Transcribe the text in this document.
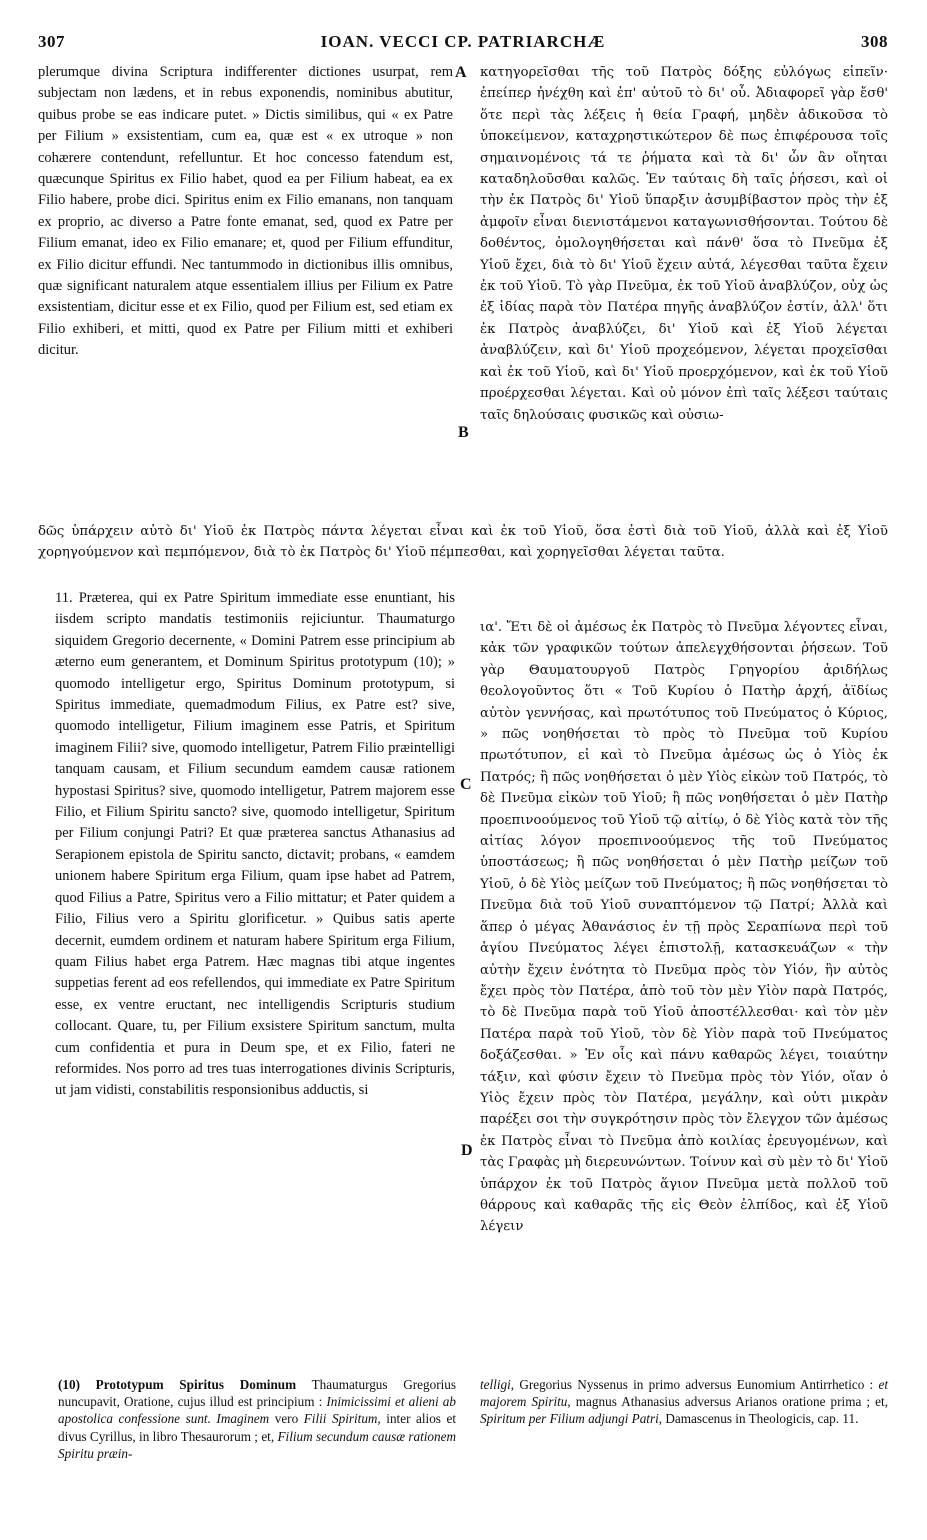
307	IOAN. VECCI CP. PATRIARCHÆ	308
A
B
C
D

plerumque divina Scriptura indifferenter dictiones usurpat, rem subjectam non lædens, et in rebus exponendis, nominibus abutitur, quibus probe se eas indicare putet. » Dictis similibus, qui « ex Patre per Filium » exsistentiam, cum ea, quæ est « ex utroque » non cohærere contendunt, refelluntur. Et hoc concesso fatendum est, quæcunque Spiritus ex Filio habet, quod ea per Filium habeat, ea ex Filio habere, probe dici. Spiritus enim ex Filio emanans, non tanquam ex proprio, ac diverso a Patre fonte emanat, sed, quod ex Patre per Filium emanat, ideo ex Filio emanare; et, quod per Filium effunditur, ex Filio dicitur effundi. Nec tantummodo in dictionibus illis omnibus, quæ significant naturalem atque essentialem illius per Filium ex Patre exsistentiam, dicitur esse et ex Filio, quod per Filium est, sed etiam ex Filio exhiberi, et mitti, quod ex Patre per Filium mitti et exhiberi dicitur.

κατηγορεῖσθαι τῆς τοῦ Πατρὸς δόξης εὐλόγως εἰπεῖν· ἐπείπερ ἠνέχθη καὶ ἐπ' αὐτοῦ τὸ δι' οὗ. Ἀδιαφορεῖ γὰρ ἔσθ' ὅτε περὶ τὰς λέξεις ἡ θεία Γραφή, μηδὲν ἀδικοῦσα τὸ ὑποκείμενον, καταχρηστικώτερον δὲ πως ἐπιφέρουσα τοῖς σημαινομένοις τά τε ῥήματα καὶ τὰ δι' ὧν ἂν οἴηται καταδηλοῦσθαι καλῶς. Ἐν ταύταις δὴ ταῖς ῥήσεσι, καὶ οἱ τὴν ἐκ Πατρὸς δι' Υἱοῦ ὕπαρξιν ἀσυμβίβαστον πρὸς τὴν ἐξ ἀμφοῖν εἶναι διενιστάμενοι καταγωνισθήσονται. Τούτου δὲ δοθέντος, ὁμολογηθήσεται καὶ πάνθ' ὅσα τὸ Πνεῦμα ἐξ Υἱοῦ ἔχει, διὰ τὸ δι' Υἱοῦ ἔχειν αὐτά, λέγεσθαι ταῦτα ἔχειν ἐκ τοῦ Υἱοῦ. Τὸ γὰρ Πνεῦμα, ἐκ τοῦ Υἱοῦ ἀναβλύζον, οὐχ ὡς ἐξ ἰδίας παρὰ τὸν Πατέρα πηγῆς ἀναβλύζον ἐστίν, ἀλλ' ὅτι ἐκ Πατρὸς ἀναβλύζει, δι' Υἱοῦ καὶ ἐξ Υἱοῦ λέγεται ἀναβλύζειν, καὶ δι' Υἱοῦ προχεόμενον, λέγεται προχεῖσθαι καὶ ἐκ τοῦ Υἱοῦ, καὶ δι' Υἱοῦ προερχόμενον, καὶ ἐκ τοῦ Υἱοῦ προέρχεσθαι λέγεται. Καὶ οὐ μόνον ἐπὶ ταῖς λέξεσι ταύταις ταῖς δηλούσαις φυσικῶς καὶ οὐσιω-

δῶς ὑπάρχειν αὐτὸ δι' Υἱοῦ ἐκ Πατρὸς πάντα λέγεται εἶναι καὶ ἐκ τοῦ Υἱοῦ, ὅσα ἐστὶ διὰ τοῦ Υἱοῦ, ἀλλὰ καὶ ἐξ Υἱοῦ χορηγούμενον καὶ πεμπόμενον, διὰ τὸ ἐκ Πατρὸς δι' Υἱοῦ πέμπεσθαι, καὶ χορηγεῖσθαι λέγεται ταῦτα.

11. Præterea, qui ex Patre Spiritum immediate esse enuntiant, his iisdem scripto mandatis testimoniis rejiciuntur. Thaumaturgo siquidem Gregorio decernente, « Domini Patrem esse principium ab æterno eum generantem, et Dominum Spiritus prototypum (10); » quomodo intelligetur ergo, Spiritus Dominum prototypum, si Spiritus immediate, quemadmodum Filius, ex Patre est? sive, quomodo intelligetur, Filium imaginem esse Patris, et Spiritum imaginem Filii? sive, quomodo intelligetur, Patrem Filio præintelligi tanquam causam, et Filium secundum eamdem causæ rationem hypostasi Spiritus? sive, quomodo intelligetur, Patrem majorem esse Filio, et Filium Spiritu sancto? sive, quomodo intelligetur, Spiritum per Filium conjungi Patri? Et quæ præterea sanctus Athanasius ad Serapionem epistola de Spiritu sancto, dictavit; probans, « eamdem unionem habere Spiritum erga Filium, quam ipse habet ad Patrem, quod Filius a Patre, Spiritus vero a Filio mittatur; et Pater quidem a Filio, Filius vero a Spiritu glorificetur. » Quibus satis aperte decernit, eumdem ordinem et naturam habere Spiritum erga Filium, quam Filius habet erga Patrem. Hæc magnas tibi atque ingentes suppetias ferent ad eos refellendos, qui immediate ex Patre Spiritum esse, ex ventre eructant, nec intelligendis Scripturis studium collocant. Quare, tu, per Filium exsistere Spiritum sanctum, multa cum confidentia et pura in Deum spe, et ex Filio, fateri ne reformides. Nos porro ad tres tuas interrogationes divinis Scripturis, ut jam vidisti, constabilitis responsionibus adductis, si

ια'. Ἔτι δὲ οἱ ἀμέσως ἐκ Πατρὸς τὸ Πνεῦμα λέγοντες εἶναι, κἀκ τῶν γραφικῶν τούτων ἀπελεγχθήσονται ῥήσεων. Τοῦ γὰρ Θαυματουργοῦ Πατρὸς Γρηγορίου ἀριδήλως θεολογοῦντος ὅτι « Τοῦ Κυρίου ὁ Πατὴρ ἀρχή, ἀϊδίως αὐτὸν γεννήσας, καὶ πρωτότυπος τοῦ Πνεύματος ὁ Κύριος, » πῶς νοηθήσεται τὸ πρὸς τὸ Πνεῦμα τοῦ Κυρίου πρωτότυπον, εἰ καὶ τὸ Πνεῦμα ἀμέσως ὡς ὁ Υἱὸς ἐκ Πατρός; ἢ πῶς νοηθήσεται ὁ μὲν Υἱὸς εἰκὼν τοῦ Πατρός, τὸ δὲ Πνεῦμα εἰκὼν τοῦ Υἱοῦ; ἢ πῶς νοηθήσεται ὁ μὲν Πατὴρ προεπινοούμενος τοῦ Υἱοῦ τῷ αἰτίῳ, ὁ δὲ Υἱὸς κατὰ τὸν τῆς αἰτίας λόγον προεπινοούμενος τῆς τοῦ Πνεύματος ὑποστάσεως; ἢ πῶς νοηθήσεται ὁ μὲν Πατὴρ μείζων τοῦ Υἱοῦ, ὁ δὲ Υἱὸς μείζων τοῦ Πνεύματος; ἢ πῶς νοηθήσεται τὸ Πνεῦμα διὰ τοῦ Υἱοῦ συναπτόμενον τῷ Πατρί; Ἀλλὰ καὶ ἅπερ ὁ μέγας Ἀθανάσιος ἐν τῇ πρὸς Σεραπίωνα περὶ τοῦ ἁγίου Πνεύματος λέγει ἐπιστολῇ, κατασκευάζων « τὴν αὐτὴν ἔχειν ἑνότητα τὸ Πνεῦμα πρὸς τὸν Υἱόν, ἣν αὐτὸς ἔχει πρὸς τὸν Πατέρα, ἀπὸ τοῦ τὸν μὲν Υἱὸν παρὰ Πατρός, τὸ δὲ Πνεῦμα παρὰ τοῦ Υἱοῦ ἀποστέλλεσθαι· καὶ τὸν μὲν Πατέρα παρὰ τοῦ Υἱοῦ, τὸν δὲ Υἱὸν παρὰ τοῦ Πνεύματος δοξάζεσθαι. » Ἐν οἷς καὶ πάνυ καθαρῶς λέγει, τοιαύτην τάξιν, καὶ φύσιν ἔχειν τὸ Πνεῦμα πρὸς τὸν Υἱόν, οἵαν ὁ Υἱὸς ἔχειν πρὸς τὸν Πατέρα, μεγάλην, καὶ οὐτι μικρὰν παρέξει σοι τὴν συγκρότησιν πρὸς τὸν ἔλεγχον τῶν ἀμέσως ἐκ Πατρὸς εἶναι τὸ Πνεῦμα ἀπὸ κοιλίας ἐρευγομένων, καὶ τὰς Γραφὰς μὴ διερευνώντων. Τοίνυν καὶ σὺ μὲν τὸ δι' Υἱοῦ ὑπάρχον ἐκ τοῦ Πατρὸς ἅγιον Πνεῦμα μετὰ πολλοῦ τοῦ θάρρους καὶ καθαρᾶς τῆς εἰς Θεὸν ἐλπίδος, καὶ ἐξ Υἱοῦ λέγειν

(10) Prototypum Spiritus Dominum Thaumaturgus Gregorius nuncupavit, Oratione, cujus illud est principium : Inimicissimi et alieni ab apostolica confessione sunt. Imaginem vero Filii Spiritum, inter alios et divus Cyrillus, in libro Thesaurorum ; et, Filium secundum causæ rationem Spiritu præin-
telligi, Gregorius Nyssenus in primo adversus Eunomium Antirrhetico : et majorem Spiritu, magnus Athanasius adversus Arianos oratione prima ; et, Spiritum per Filium adjungi Patri, Damascenus in Theologicis, cap. 11.
